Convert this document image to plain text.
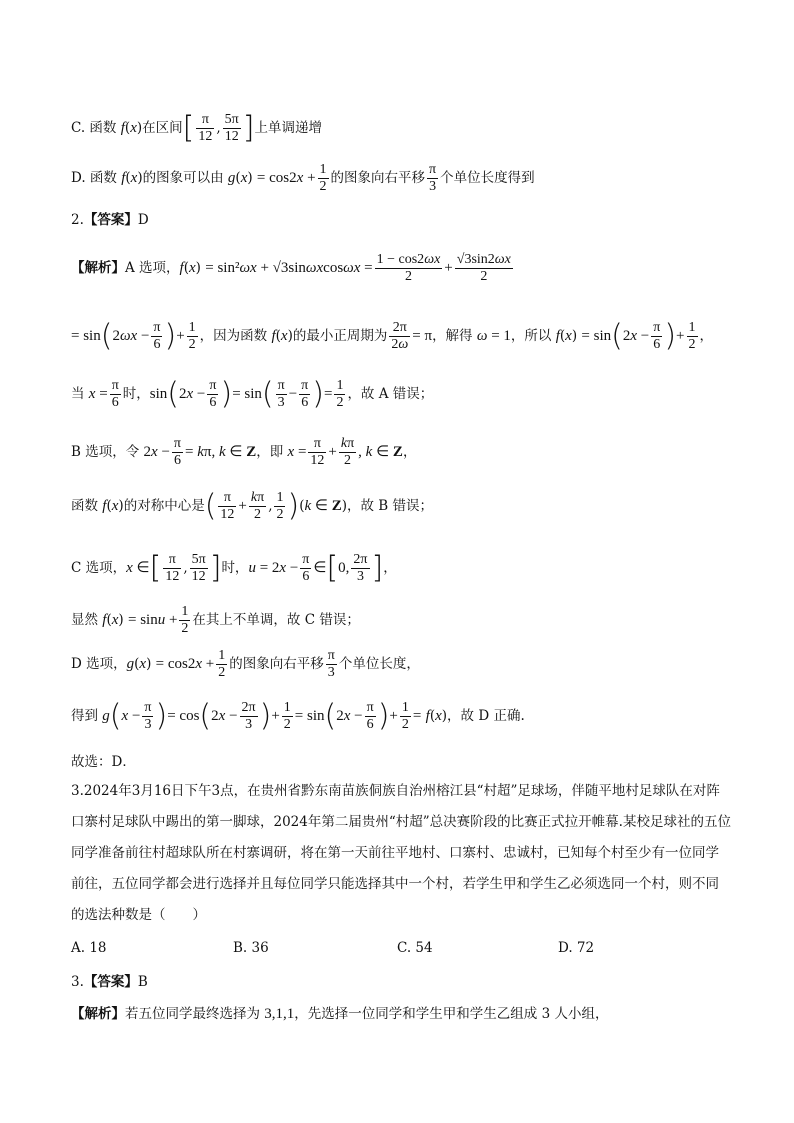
C. 函数 f(x)在区间[ $\frac{\pi}{12}$ , $\frac{5\pi}{12}$ ]上单调递增
D. 函数 f(x)的图象可以由 $g(x) = \cos 2x + \frac{1}{2}$ 的图象向右平移 $\frac{\pi}{3}$ 个单位长度得到
2.【答案】D
【解析】A 选项，$f(x) = \sin^2\omega x + √3\sin\omega xcos\omega x = \frac{1 - \cos 2\omega x}{2} + \frac{√3\sin 2\omega x}{2}$
= $\sin(2\omega x - \frac{\pi}{6}$ )+ $\frac{1}{2}$ ，因为函数 f(x)的最小正周期为 $\frac{2\pi}{2\omega} = \pi$，解得 ω = 1，所以 $f(x) = \sin(2x - \frac{\pi}{6}$ )+ $\frac{1}{2}$ ，
当 $x = \frac{\pi}{6}$ 时，$\sin(2x - \frac{\pi}{6}$ )= $\sin( \frac{\pi}{3} - \frac{\pi}{6}$ )= $\frac{1}{2}$ ，故 A 错误；
B 选项，令 $2x - \frac{\pi}{6} = k\pi$, k ∈ Z，即 $x = \frac{\pi}{12} + \frac{k\pi}{2}$ , k ∈ Z，
函数 f(x)的对称中心是( $\frac{\pi}{12} + \frac{k\pi}{2}$ , $\frac{1}{2} )(k$ ∈ Z)，故 B 错误；
C 选项，x ∈[ $\frac{\pi}{12}$ , $\frac{5\pi}{12}$ ]时，$u = 2x - \frac{\pi}{6}$ ∈[0, $\frac{2\pi}{3}$ ]，
显然 $f(x) = \sin u + \frac{1}{2}$ 在其上不单调，故 C 错误；
D 选项，$g(x) = \cos 2x + \frac{1}{2}$ 的图象向右平移 $\frac{\pi}{3}$ 个单位长度，
得到 $g(x - \frac{\pi}{3}$ )= $\cos(2x - \frac{2\pi}{3}$ )+ $\frac{1}{2} = \sin(2x - \frac{\pi}{6}$ )+ $\frac{1}{2} = f(x)$，故 D 正确.
故选：D．
3.2024年3月16日下午3点，在贵州省黔东南苗族侗族自治州榕江县“村超”足球场，伴随平地村足球队在对阵口寨村足球队中踢出的第一脚球，2024年第二届贵州“村超”总决赛阶段的比赛正式拉开帷幕.某校足球社的五位同学准备前往村超球队所在村寨调研，将在第一天前往平地村、口寨村、忠诚村，已知每个村至少有一位同学前往，五位同学都会进行选择并且每位同学只能选择其中一个村，若学生甲和学生乙必须选同一个村，则不同的选法种数是（　　）
A. 18	B. 36	C. 54	D. 72
3.【答案】B
【解析】若五位同学最终选择为 3,1,1，先选择一位同学和学生甲和学生乙组成 3 人小组，
